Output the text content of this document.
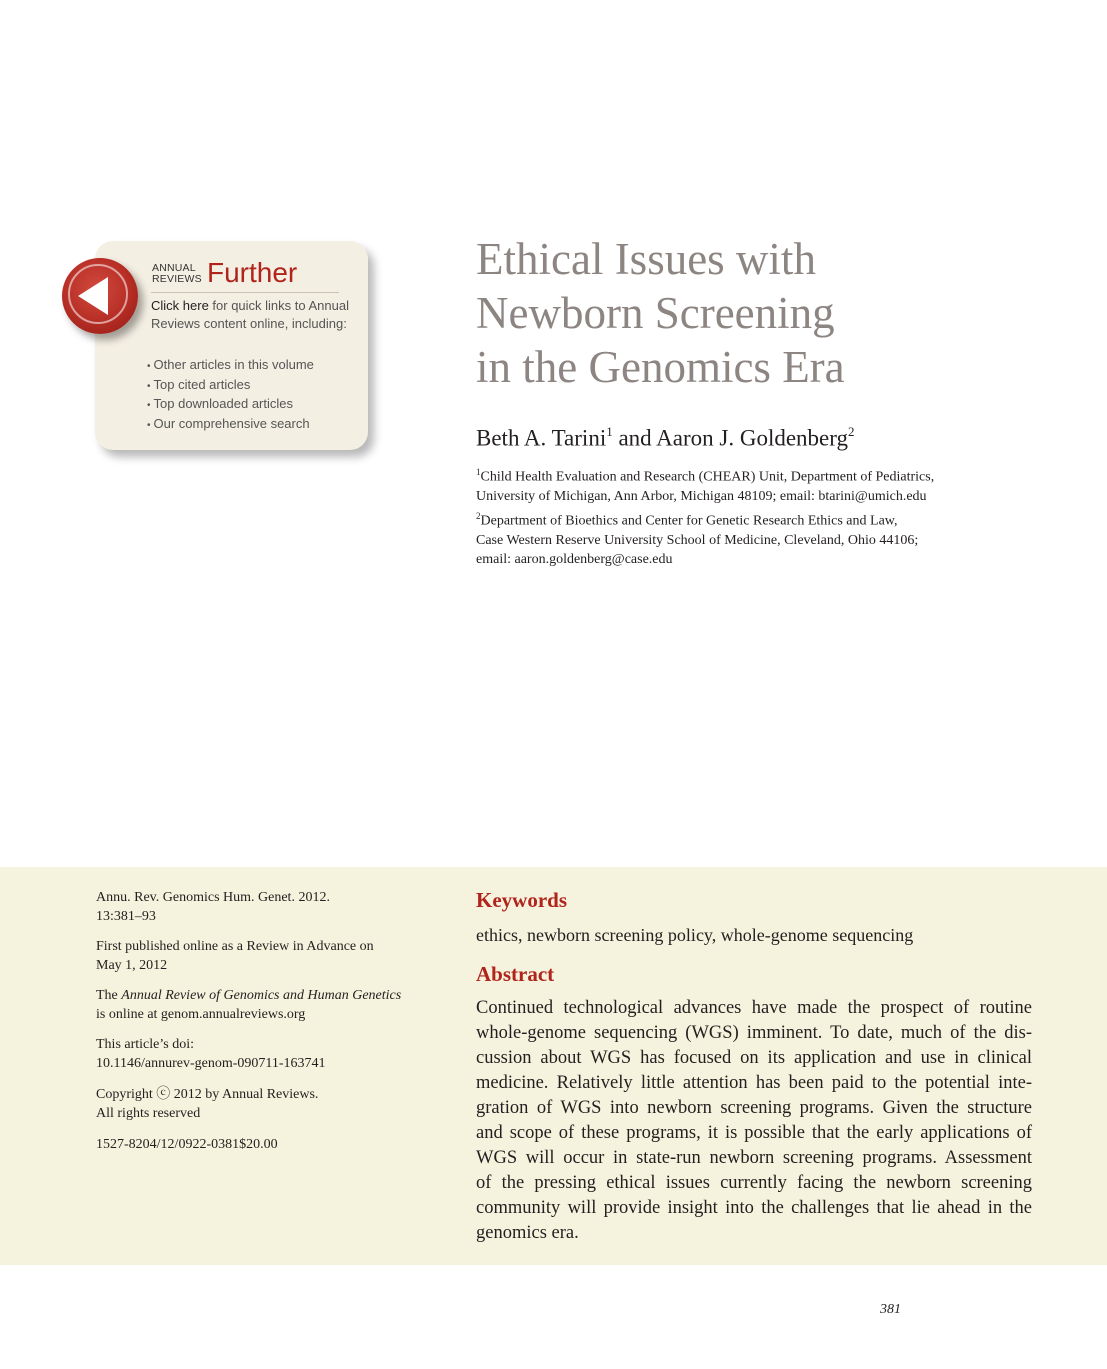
ANNUAL
REVIEWS Further
Click here for quick links to Annual Reviews content online, including:
• Other articles in this volume
• Top cited articles
• Top downloaded articles
• Our comprehensive search
Ethical Issues with
Newborn Screening
in the Genomics Era
Beth A. Tarini$^1$ and Aaron J. Goldenberg$^2$
$^1$Child Health Evaluation and Research (CHEAR) Unit, Department of Pediatrics,
University of Michigan, Ann Arbor, Michigan 48109; email: btarini@umich.edu
$^2$Department of Bioethics and Center for Genetic Research Ethics and Law,
Case Western Reserve University School of Medicine, Cleveland, Ohio 44106;
email: aaron.goldenberg@case.edu
Annu. Rev. Genomics Hum. Genet. 2012.
13:381–93
First published online as a Review in Advance on
May 1, 2012
The Annual Review of Genomics and Human Genetics
is online at genom.annualreviews.org
This article’s doi:
10.1146/annurev-genom-090711-163741
Copyright ⓒ 2012 by Annual Reviews.
All rights reserved
1527-8204/12/0922-0381$20.00
Keywords
ethics, newborn screening policy, whole-genome sequencing
Abstract
Continued technological advances have made the prospect of routine
whole-genome sequencing (WGS) imminent. To date, much of the dis-
cussion about WGS has focused on its application and use in clinical
medicine. Relatively little attention has been paid to the potential inte-
gration of WGS into newborn screening programs. Given the structure
and scope of these programs, it is possible that the early applications of
WGS will occur in state-run newborn screening programs. Assessment
of the pressing ethical issues currently facing the newborn screening
community will provide insight into the challenges that lie ahead in the
genomics era.
381
